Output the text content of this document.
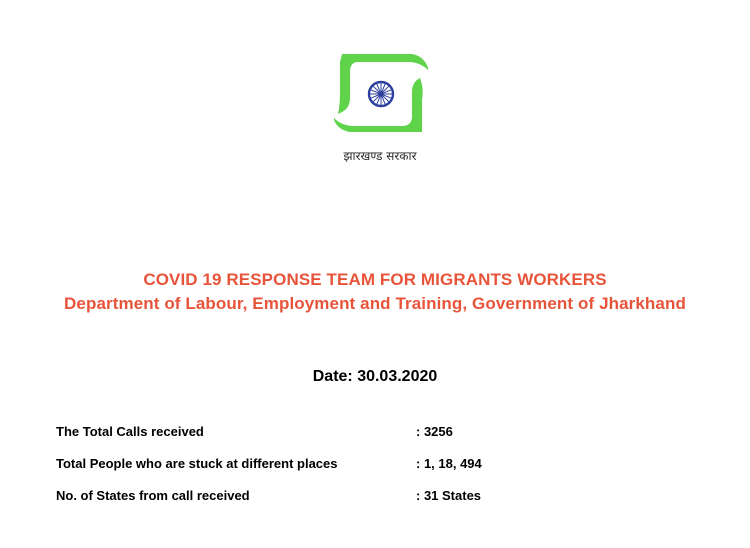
झारखण्ड सरकार
COVID 19 RESPONSE TEAM FOR MIGRANTS WORKERS
Department of Labour, Employment and Training, Government of Jharkhand
Date: 30.03.2020
The Total Calls received	: 3256
Total People who are stuck at different places	: 1, 18, 494
No. of States from call received	: 31 States
